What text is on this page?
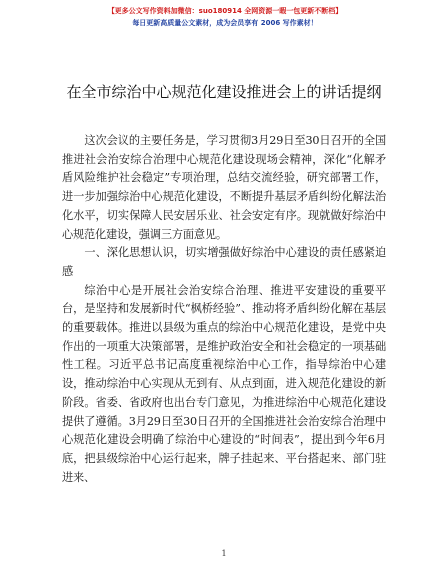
【更多公文写作资料加微信：suo180914 全网资源一暇一包更新不断档】
每日更新高质量公文素材，成为会员享有 2006 写作素材！
在全市综治中心规范化建设推进会上的讲话提纲

这次会议的主要任务是，学习贯彻3月29日至30日召开的全国推进社会治安综合治理中心规范化建设现场会精神，深化“化解矛盾风险维护社会稳定”专项治理，总结交流经验，研究部署工作，进一步加强综治中心规范化建设，不断提升基层矛盾纠纷化解法治化水平，切实保障人民安居乐业、社会安定有序。现就做好综治中心规范化建设，强调三方面意见。

一、深化思想认识，切实增强做好综治中心建设的责任感紧迫感

综治中心是开展社会治安综合治理、推进平安建设的重要平台，是坚持和发展新时代“枫桥经验”、推动将矛盾纠纷化解在基层的重要载体。推进以县级为重点的综治中心规范化建设，是党中央作出的一项重大决策部署，是维护政治安全和社会稳定的一项基础性工程。习近平总书记高度重视综治中心工作，指导综治中心建设，推动综治中心实现从无到有、从点到面，进入规范化建设的新阶段。省委、省政府也出台专门意见，为推进综治中心规范化建设提供了遵循。3月29日至30日召开的全国推进社会治安综合治理中心规范化建设会明确了综治中心建设的“时间表”，提出到今年6月底，把县级综治中心运行起来，牌子挂起来、平台搭起来、部门驻进来、

1
